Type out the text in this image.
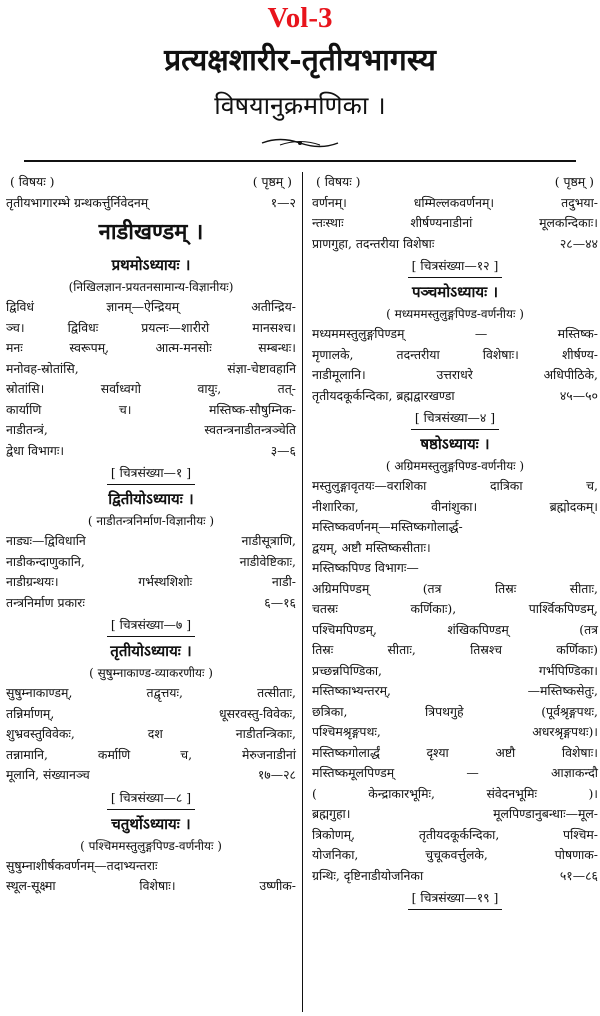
Vol-3
प्रत्यक्षशारीर-तृतीयभागस्य
विषयानुक्रमणिका ।
( विषयः )	( पृष्ठम् )
तृतीयभागारम्भे ग्रन्थकर्त्तुर्निवेदनम्	१—२
नाडीखण्डम् ।
प्रथमोऽध्यायः ।
(निखिलज्ञान-प्रयतनसामान्य-विज्ञानीयः)
द्विविधं ज्ञानम्—ऐन्द्रियम् अतीन्द्रिय-
ञ्च। द्विविधः प्रयत्नः—शारीरो मानसश्च।
मनः स्वरूपम्, आत्म-मनसोः सम्बन्धः।
मनोवह-स्रोतांसि, संज्ञा-चेष्टावहानि
स्रोतांसि। सर्वाध्वगो वायुः, तत्-
कार्याणि च। मस्तिष्क-सौषुम्निक-
नाडीतन्त्रं, स्वतन्त्रनाडीतन्त्रञ्चेति
द्वेधा विभागः।	३—६
[ चित्रसंख्या—१ ]
द्वितीयोऽध्यायः ।
( नाडीतन्त्रनिर्माण-विज्ञानीयः )
नाड्यः—द्विविधानि नाडीसूत्राणि,
नाडीकन्दाणुकानि, नाडीवेष्टिकाः,
नाडीग्रन्थयः। गर्भस्थशिशोः नाडी-
तन्त्रनिर्माण प्रकारः	६—१६
[ चित्रसंख्या—७ ]
तृतीयोऽध्यायः ।
( सुषुम्नाकाण्ड-व्याकरणीयः )
सुषुम्नाकाण्डम्, तद्वृत्तयः, तत्सीताः,
तन्निर्माणम्, धूसरवस्तु-विवेकः,
शुभ्रवस्तुविवेकः, दश नाडीतन्त्रिकाः,
तन्नामानि, कर्माणि च, मेरुजनाडीनां
मूलानि, संख्यानञ्च	१७—२८
[ चित्रसंख्या—८ ]
चतुर्थोऽध्यायः ।
( पश्चिममस्तुलुङ्गपिण्ड-वर्णनीयः )
सुषुम्नाशीर्षकवर्णनम्—तदाभ्यन्तराः
स्थूल-सूक्ष्मा विशेषाः। उष्णीक-
( विषयः )	( पृष्ठम् )
वर्णनम्। धम्मिल्लकवर्णनम्। तदुभया-
न्तःस्थाः शीर्षण्यनाडीनां मूलकन्दिकाः।
प्राणगुहा, तदन्तरीया विशेषाः	२८—४४
[ चित्रसंख्या—१२ ]
पञ्चमोऽध्यायः ।
( मध्यममस्तुलुङ्गपिण्ड-वर्णनीयः )
मध्यममस्तुलुङ्गपिण्डम् — मस्तिष्क-
मृणालके, तदन्तरीया विशेषाः। शीर्षण्य-
नाडीमूलानि। उत्तराधरे अधिपीठिके,
तृतीयदकूर्कन्दिका, ब्रह्मद्वारखण्डा	४५—५०
[ चित्रसंख्या—४ ]
षष्ठोऽध्यायः ।
( अग्रिममस्तुलुङ्गपिण्ड-वर्णनीयः )
मस्तुलुङ्गावृतयः—वराशिका दात्रिका च,
नीशारिका, वीनांशुका। ब्रह्मोदकम्।
मस्तिष्कवर्णनम्—मस्तिष्कगोलार्द्ध-
द्वयम्, अष्टौ मस्तिष्कसीताः।
मस्तिष्कपिण्ड विभागः—
अग्रिमपिण्डम् (तत्र तिस्रः सीताः,
चतस्रः कर्णिकाः), पार्श्विकपिण्डम्,
पश्चिमपिण्डम्, शंखिकपिण्डम् (तत्र
तिस्रः सीताः, तिस्रश्च कर्णिकाः)
प्रच्छन्नपिण्डिका, गर्भपिण्डिका।
मस्तिष्काभ्यन्तरम्, —मस्तिष्कसेतुः,
छत्रिका, त्रिपथगुहे (पूर्वश्रृङ्गपथः,
पश्चिमश्रृङ्गपथः, अधरश्रृङ्गपथः)।
मस्तिष्कगोलार्द्धं दृश्या अष्टौ विशेषाः।
मस्तिष्कमूलपिण्डम् — आज्ञाकन्दौ
( केन्द्राकारभूमिः, संवेदनभूमिः )।
ब्रह्मगुहा। मूलपिण्डानुबन्धाः—मूल-
त्रिकोणम्, तृतीयदकूर्कन्दिका, पश्चिम-
योजनिका, चुचूकवर्त्तुलके, पोषणाक-
ग्रन्थिः, दृष्टिनाडीयोजनिका	५१—८६
[ चित्रसंख्या—१९ ]
